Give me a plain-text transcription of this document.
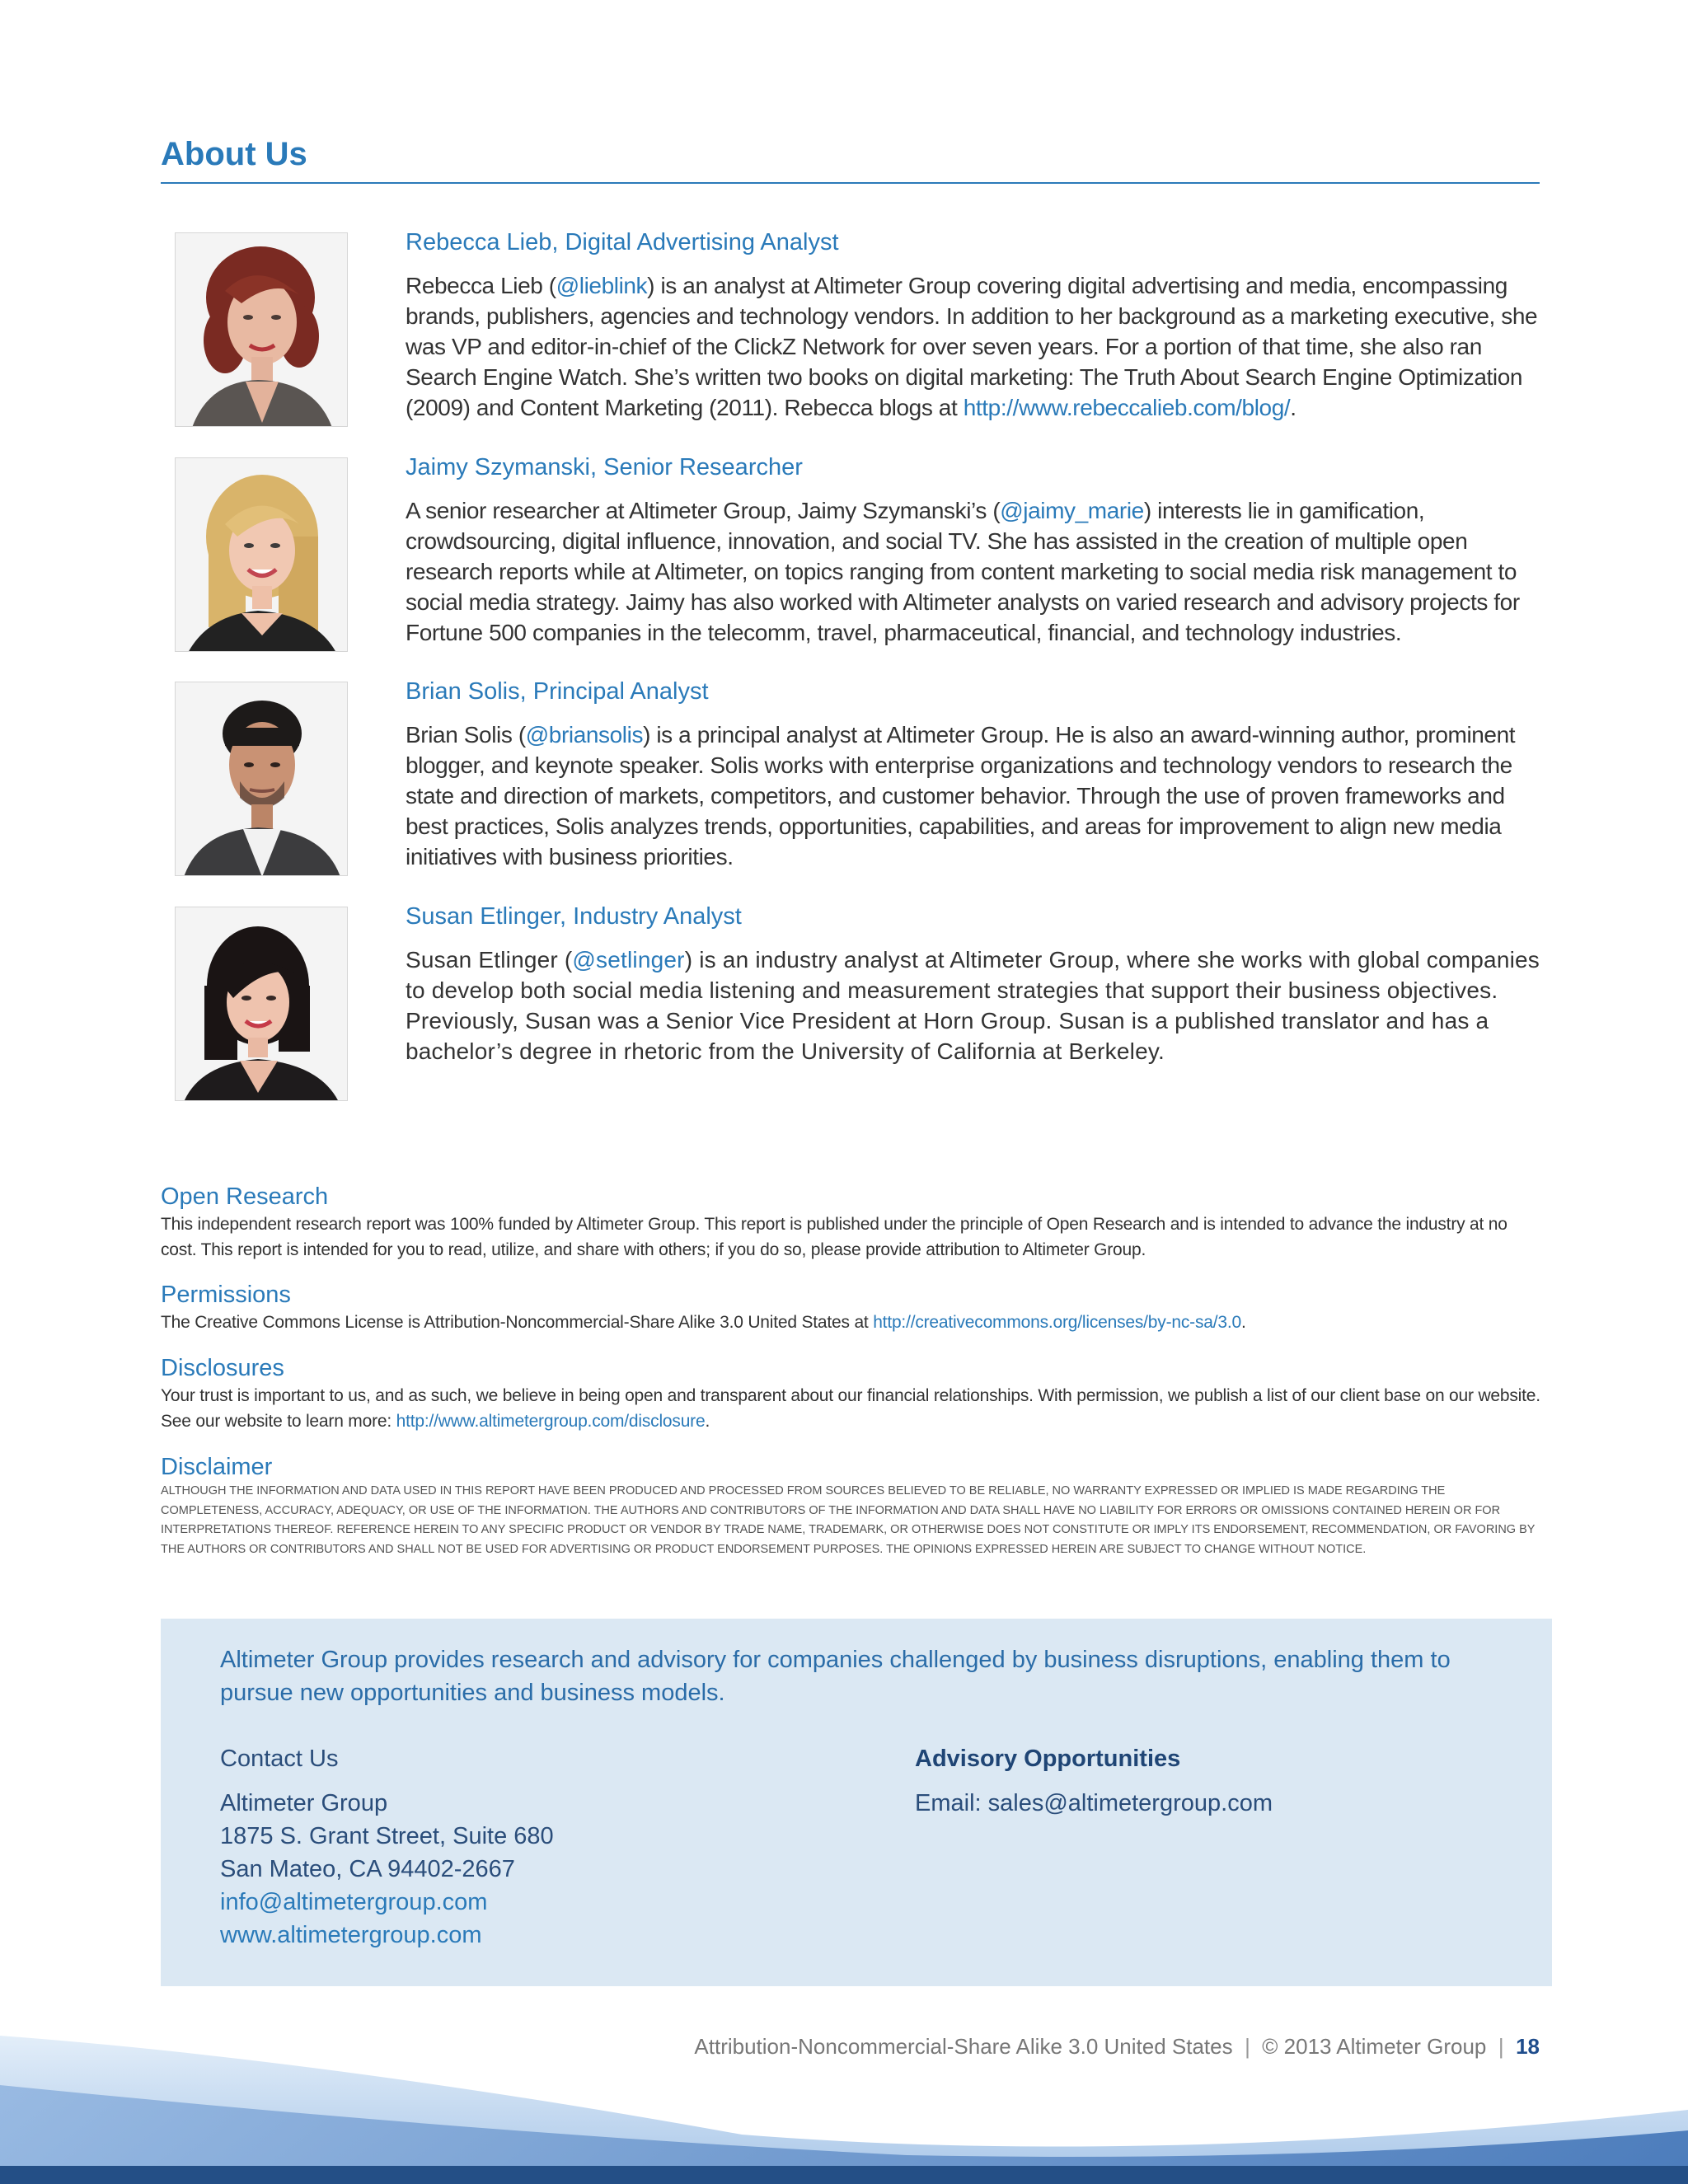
About Us
Rebecca Lieb, Digital Advertising Analyst

Rebecca Lieb (@lieblink) is an analyst at Altimeter Group covering digital advertising and media, encompassing brands, publishers, agencies and technology vendors. In addition to her background as a marketing executive, she was VP and editor-in-chief of the ClickZ Network for over seven years. For a portion of that time, she also ran Search Engine Watch. She’s written two books on digital marketing: The Truth About Search Engine Optimization (2009) and Content Marketing (2011). Rebecca blogs at http://www.rebeccalieb.com/blog/.

Jaimy Szymanski, Senior Researcher

A senior researcher at Altimeter Group, Jaimy Szymanski’s (@jaimy_marie) interests lie in gamification, crowdsourcing, digital influence, innovation, and social TV. She has assisted in the creation of multiple open research reports while at Altimeter, on topics ranging from content marketing to social media risk management to social media strategy. Jaimy has also worked with Altimeter analysts on varied research and advisory projects for Fortune 500 companies in the telecomm, travel, pharmaceutical, financial, and technology industries.

Brian Solis, Principal Analyst

Brian Solis (@briansolis) is a principal analyst at Altimeter Group. He is also an award-winning author, prominent blogger, and keynote speaker. Solis works with enterprise organizations and technology vendors to research the state and direction of markets, competitors, and customer behavior. Through the use of proven frameworks and best practices, Solis analyzes trends, opportunities, capabilities, and areas for improvement to align new media initiatives with business priorities.

Susan Etlinger, Industry Analyst

Susan Etlinger (@setlinger) is an industry analyst at Altimeter Group, where she works with global companies to develop both social media listening and measurement strategies that support their business objectives. Previously, Susan was a Senior Vice President at Horn Group. Susan is a published translator and has a bachelor’s degree in rhetoric from the University of California at Berkeley.

Open Research

This independent research report was 100% funded by Altimeter Group. This report is published under the principle of Open Research and is intended to advance the industry at no cost. This report is intended for you to read, utilize, and share with others; if you do so, please provide attribution to Altimeter Group.

Permissions

The Creative Commons License is Attribution-Noncommercial-Share Alike 3.0 United States at http://creativecommons.org/licenses/by-nc-sa/3.0.

Disclosures

Your trust is important to us, and as such, we believe in being open and transparent about our financial relationships. With permission, we publish a list of our client base on our website. See our website to learn more: http://www.altimetergroup.com/disclosure.

Disclaimer

ALTHOUGH THE INFORMATION AND DATA USED IN THIS REPORT HAVE BEEN PRODUCED AND PROCESSED FROM SOURCES BELIEVED TO BE RELIABLE, NO WARRANTY EXPRESSED OR IMPLIED IS MADE REGARDING THE COMPLETENESS, ACCURACY, ADEQUACY, OR USE OF THE INFORMATION. THE AUTHORS AND CONTRIBUTORS OF THE INFORMATION AND DATA SHALL HAVE NO LIABILITY FOR ERRORS OR OMISSIONS CONTAINED HEREIN OR FOR INTERPRETATIONS THEREOF. REFERENCE HEREIN TO ANY SPECIFIC PRODUCT OR VENDOR BY TRADE NAME, TRADEMARK, OR OTHERWISE DOES NOT CONSTITUTE OR IMPLY ITS ENDORSEMENT, RECOMMENDATION, OR FAVORING BY THE AUTHORS OR CONTRIBUTORS AND SHALL NOT BE USED FOR ADVERTISING OR PRODUCT ENDORSEMENT PURPOSES. THE OPINIONS EXPRESSED HEREIN ARE SUBJECT TO CHANGE WITHOUT NOTICE.

Altimeter Group provides research and advisory for companies challenged by business disruptions, enabling them to pursue new opportunities and business models.

Contact Us
Altimeter Group
1875 S. Grant Street, Suite 680
San Mateo, CA 94402-2667
info@altimetergroup.com
www.altimetergroup.com
Advisory Opportunities
Email: sales@altimetergroup.com
Attribution-Noncommercial-Share Alike 3.0 United States | © 2013 Altimeter Group | 18
